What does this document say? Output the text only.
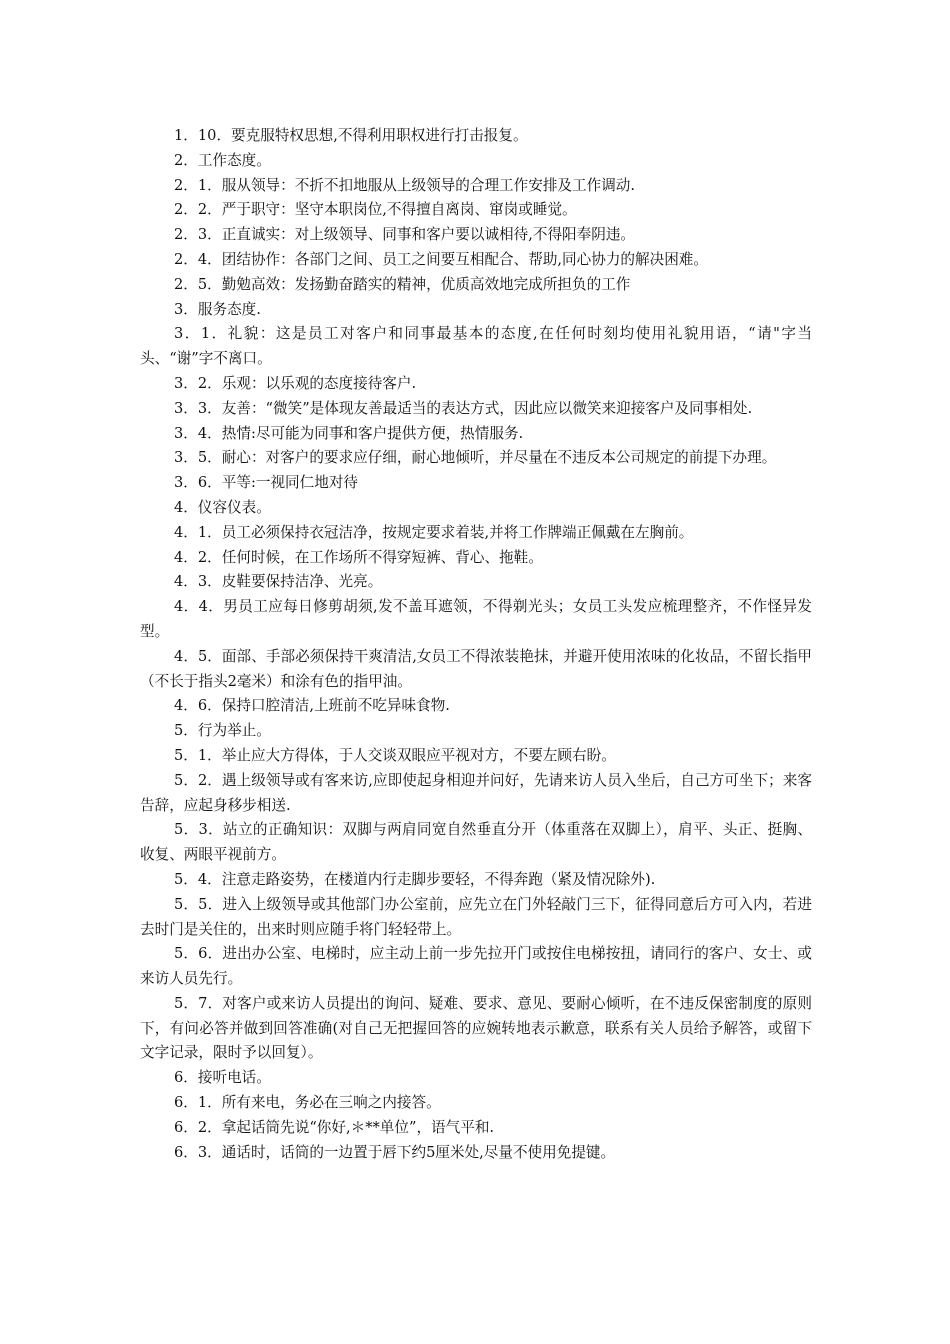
1．10．要克服特权思想,不得利用职权进行打击报复。

2．工作态度。

2．1．服从领导：不折不扣地服从上级领导的合理工作安排及工作调动.

2．2．严于职守：坚守本职岗位,不得擅自离岗、窜岗或睡觉。

2．3．正直诚实：对上级领导、同事和客户要以诚相待,不得阳奉阴违。

2．4．团结协作：各部门之间、员工之间要互相配合、帮助,同心协力的解决困难。

2．5．勤勉高效：发扬勤奋踏实的精神，优质高效地完成所担负的工作

3．服务态度.

3．1．礼貌：这是员工对客户和同事最基本的态度,在任何时刻均使用礼貌用语，“请"字当头、“谢”字不离口。

3．2．乐观：以乐观的态度接待客户.

3．3．友善：“微笑”是体现友善最适当的表达方式，因此应以微笑来迎接客户及同事相处.

3．4．热情:尽可能为同事和客户提供方便，热情服务.

3．5．耐心：对客户的要求应仔细，耐心地倾听，并尽量在不违反本公司规定的前提下办理。

3．6．平等:一视同仁地对待

4．仪容仪表。

4．1．员工必须保持衣冠洁净，按规定要求着装,并将工作牌端正佩戴在左胸前。

4．2．任何时候，在工作场所不得穿短裤、背心、拖鞋。

4．3．皮鞋要保持洁净、光亮。

4．4．男员工应每日修剪胡须,发不盖耳遮领，不得剃光头；女员工头发应梳理整齐，不作怪异发型。

4．5．面部、手部必须保持干爽清洁,女员工不得浓装艳抹，并避开使用浓味的化妆品，不留长指甲（不长于指头2毫米）和涂有色的指甲油。

4．6．保持口腔清洁,上班前不吃异味食物.

5．行为举止。

5．1．举止应大方得体，于人交谈双眼应平视对方，不要左顾右盼。

5．2．遇上级领导或有客来访,应即使起身相迎并问好，先请来访人员入坐后，自己方可坐下；来客告辞，应起身移步相送.

5．3．站立的正确知识：双脚与两肩同宽自然垂直分开（体重落在双脚上），肩平、头正、挺胸、收复、两眼平视前方。

5．4．注意走路姿势，在楼道内行走脚步要轻，不得奔跑（紧及情况除外).

5．5．进入上级领导或其他部门办公室前，应先立在门外轻敲门三下，征得同意后方可入内，若进去时门是关住的，出来时则应随手将门轻轻带上。

5．6．进出办公室、电梯时，应主动上前一步先拉开门或按住电梯按扭，请同行的客户、女士、或来访人员先行。

5．7．对客户或来访人员提出的询问、疑难、要求、意见、要耐心倾听，在不违反保密制度的原则下，有问必答并做到回答准确(对自己无把握回答的应婉转地表示歉意，联系有关人员给予解答，或留下文字记录，限时予以回复）。

6．接听电话。

6．1．所有来电，务必在三响之内接答。

6．2．拿起话筒先说“你好,＊**单位”，语气平和.

6．3．通话时，话筒的一边置于唇下约5厘米处,尽量不使用免提键。
